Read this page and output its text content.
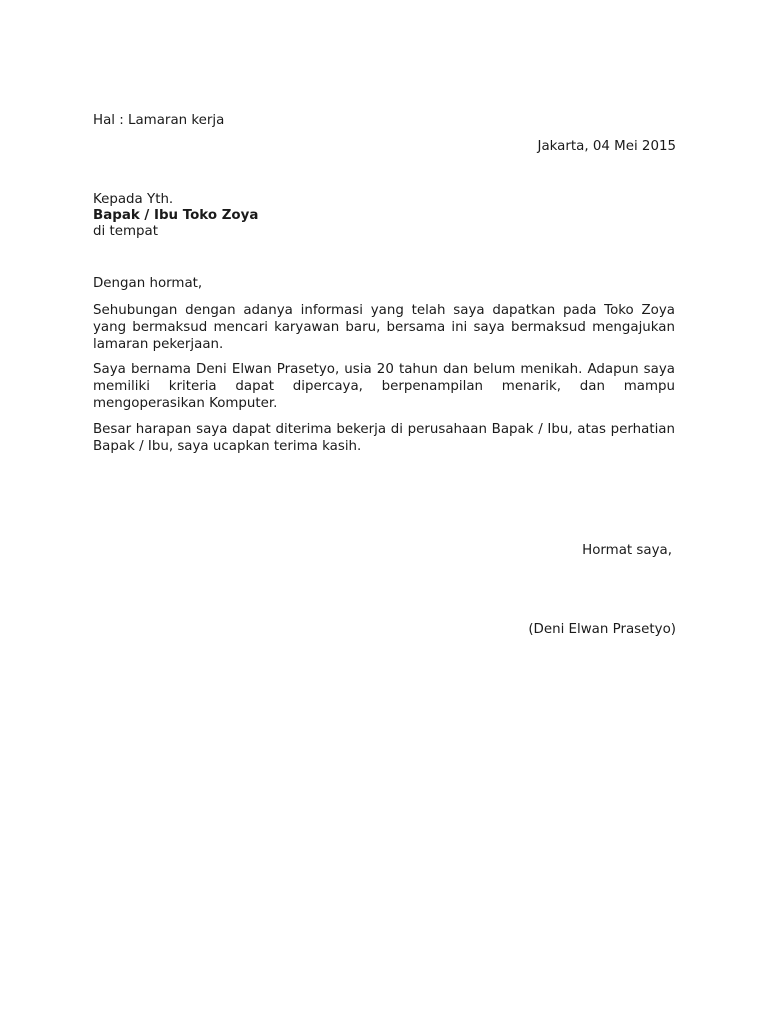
Hal : Lamaran kerja
Jakarta, 04 Mei 2015
Kepada Yth.
Bapak / Ibu Toko Zoya
di tempat
Dengan hormat,
Sehubungan dengan adanya informasi yang telah saya dapatkan pada Toko Zoya yang bermaksud mencari karyawan baru, bersama ini saya bermaksud mengajukan lamaran pekerjaan.
Saya bernama Deni Elwan Prasetyo, usia 20 tahun dan belum menikah. Adapun saya memiliki kriteria dapat dipercaya, berpenampilan menarik, dan mampu mengoperasikan Komputer.
Besar harapan saya dapat diterima bekerja di perusahaan Bapak / Ibu, atas perhatian Bapak / Ibu, saya ucapkan terima kasih.
Hormat saya,
(Deni Elwan Prasetyo)
